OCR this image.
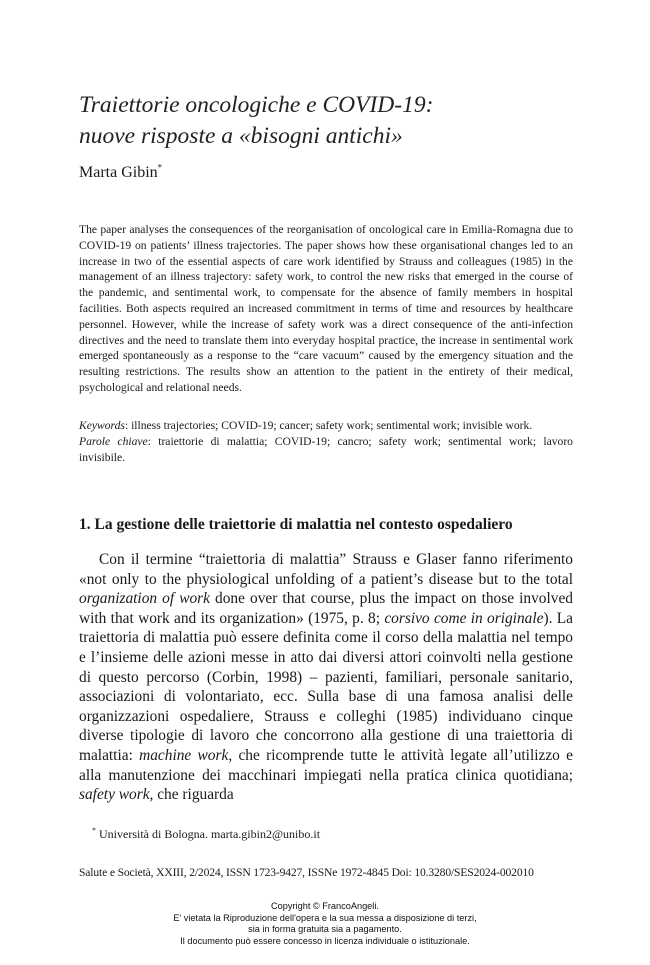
Traiettorie oncologiche e COVID-19:
nuove risposte a «bisogni antichi»
Marta Gibin*
The paper analyses the consequences of the reorganisation of oncological care in Emilia-Romagna due to COVID-19 on patients’ illness trajectories. The paper shows how these organisational changes led to an increase in two of the essential aspects of care work identified by Strauss and colleagues (1985) in the management of an illness trajectory: safety work, to control the new risks that emerged in the course of the pandemic, and sentimental work, to compensate for the absence of family members in hospital facilities. Both aspects required an increased commitment in terms of time and resources by healthcare personnel. However, while the increase of safety work was a direct consequence of the anti-infection directives and the need to translate them into everyday hospital practice, the increase in sentimental work emerged spontaneously as a response to the “care vacuum” caused by the emergency situation and the resulting restrictions. The results show an attention to the patient in the entirety of their medical, psychological and relational needs.

Keywords: illness trajectories; COVID-19; cancer; safety work; sentimental work; invisible work.

Parole chiave: traiettorie di malattia; COVID-19; cancro; safety work; sentimental work; lavoro invisibile.

1. La gestione delle traiettorie di malattia nel contesto ospedaliero

Con il termine “traiettoria di malattia” Strauss e Glaser fanno riferimento «not only to the physiological unfolding of a patient’s disease but to the total organization of work done over that course, plus the impact on those involved with that work and its organization» (1975, p. 8; corsivo come in originale). La traiettoria di malattia può essere definita come il corso della malattia nel tempo e l’insieme delle azioni messe in atto dai diversi attori coinvolti nella gestione di questo percorso (Corbin, 1998) – pazienti, familiari, personale sanitario, associazioni di volontariato, ecc. Sulla base di una famosa analisi delle organizzazioni ospedaliere, Strauss e colleghi (1985) individuano cinque diverse tipologie di lavoro che concorrono alla gestione di una traiettoria di malattia: machine work, che ricomprende tutte le attività legate all’utilizzo e alla manutenzione dei macchinari impiegati nella pratica clinica quotidiana; safety work, che riguarda

* Università di Bologna. marta.gibin2@unibo.it
Salute e Società, XXIII, 2/2024, ISSN 1723-9427, ISSNe 1972-4845 Doi: 10.3280/SES2024-002010
Copyright © FrancoAngeli.
E' vietata la Riproduzione dell'opera e la sua messa a disposizione di terzi,
sia in forma gratuita sia a pagamento.
Il documento può essere concesso in licenza individuale o istituzionale.
